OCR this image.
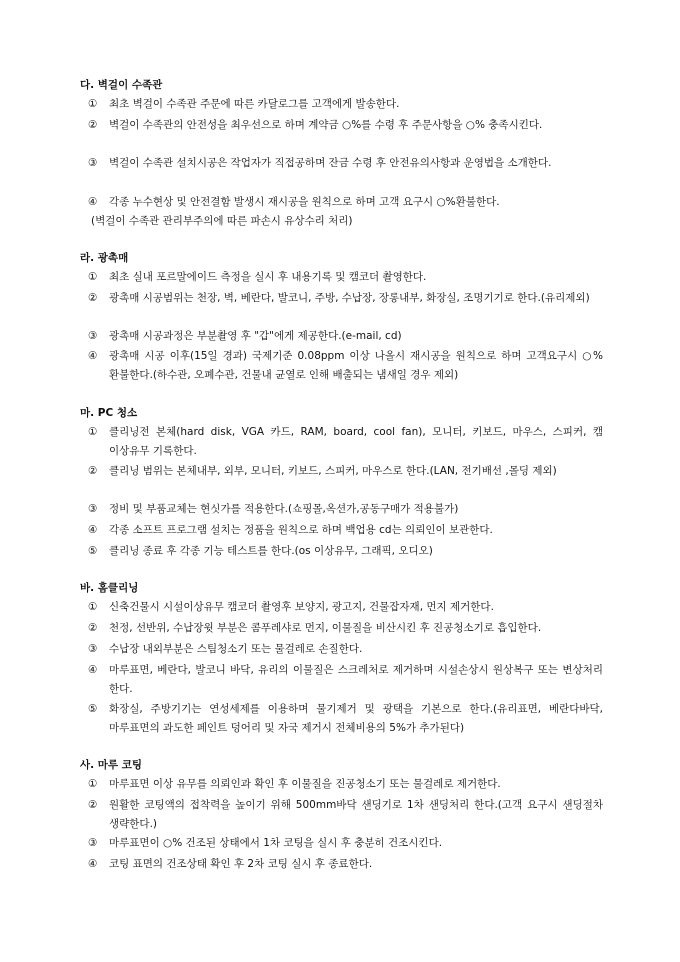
다. 벽걸이 수족관
①	최초 벽걸이 수족관 주문에 따른 카달로그를 고객에게 발송한다.
②	벽걸이 수족관의 안전성을 최우선으로 하며 계약금 ○%를 수령 후 주문사항을 ○% 충족시킨다.
③	벽걸이 수족관 설치시공은 작업자가 직접공하며 잔금 수령 후 안전유의사항과 운영법을 소개한다.
④	각종 누수현상 및 안전결함 발생시 재시공을 원칙으로 하며 고객 요구시 ○%환불한다.
(벽걸이 수족관 관리부주의에 따른 파손시 유상수리 처리)
라. 광촉매
①	최초 실내 포르말에이드 측정을 실시 후 내용기록 및 캠코더 촬영한다.
②	광촉매 시공범위는 천장, 벽, 베란다, 발코니, 주방, 수납장, 장롱내부, 화장실, 조명기기로 한다.(유리제외)
③	광촉매 시공과정은 부분촬영 후 "갑"에게 제공한다.(e-mail, cd)
④	광촉매 시공 이후(15일 경과) 국제기준 0.08ppm 이상 나올시 재시공을 원칙으로 하며 고객요구시 ○%환불한다.(하수관, 오폐수관, 건물내 균열로 인해 배출되는 냄새일 경우 제외)
마. PC 청소
①	클리닝전 본체(hard disk, VGA 카드, RAM, board, cool fan), 모니터, 키보드, 마우스, 스피커, 캠 이상유무 기록한다.
②	클리닝 범위는 본체내부, 외부, 모니터, 키보드, 스피커, 마우스로 한다.(LAN, 전기배선 ,몰딩 제외)
③	정비 및 부품교체는 현싯가를 적용한다.(쇼핑몰,옥션가,공동구매가 적용불가)
④	각종 소프트 프로그램 설치는 정품을 원칙으로 하며 백업용 cd는 의뢰인이 보관한다.
⑤	클리닝 종료 후 각종 기능 테스트를 한다.(os 이상유무, 그래픽, 오디오)
바. 홈클리닝
①	신축건물시 시설이상유무 캠코더 촬영후 보양지, 광고지, 건물잡자재, 먼지 제거한다.
②	천정, 선반위, 수납장윗 부분은 콤푸레샤로 먼지, 이물질을 비산시킨 후 진공청소기로 흡입한다.
③	수납장 내외부분은 스팀청소기 또는 물걸레로 손질한다.
④	마루표면, 베란다, 발코니 바닥, 유리의 이물질은 스크레처로 제거하며 시설손상시 원상복구 또는 변상처리 한다.
⑤	화장실, 주방기기는 연성세제를 이용하며 물기제거 및 광택을 기본으로 한다.(유리표면, 베란다바닥, 마루표면의 과도한 페인트 덩어리 및 자국 제거시 전체비용의 5%가 추가된다)
사. 마루 코팅
①	마루표면 이상 유무를 의뢰인과 확인 후 이물질을 진공청소기 또는 물걸레로 제거한다.
②	원활한 코팅액의 접착력을 높이기 위해 500mm바닥 샌딩기로 1차 샌딩처리 한다.(고객 요구시 샌딩절차 생략한다.)
③	마루표면이 ○% 건조된 상태에서 1차 코팅을 실시 후 충분히 건조시킨다.
④	코팅 표면의 건조상태 확인 후 2차 코팅 실시 후 종료한다.
